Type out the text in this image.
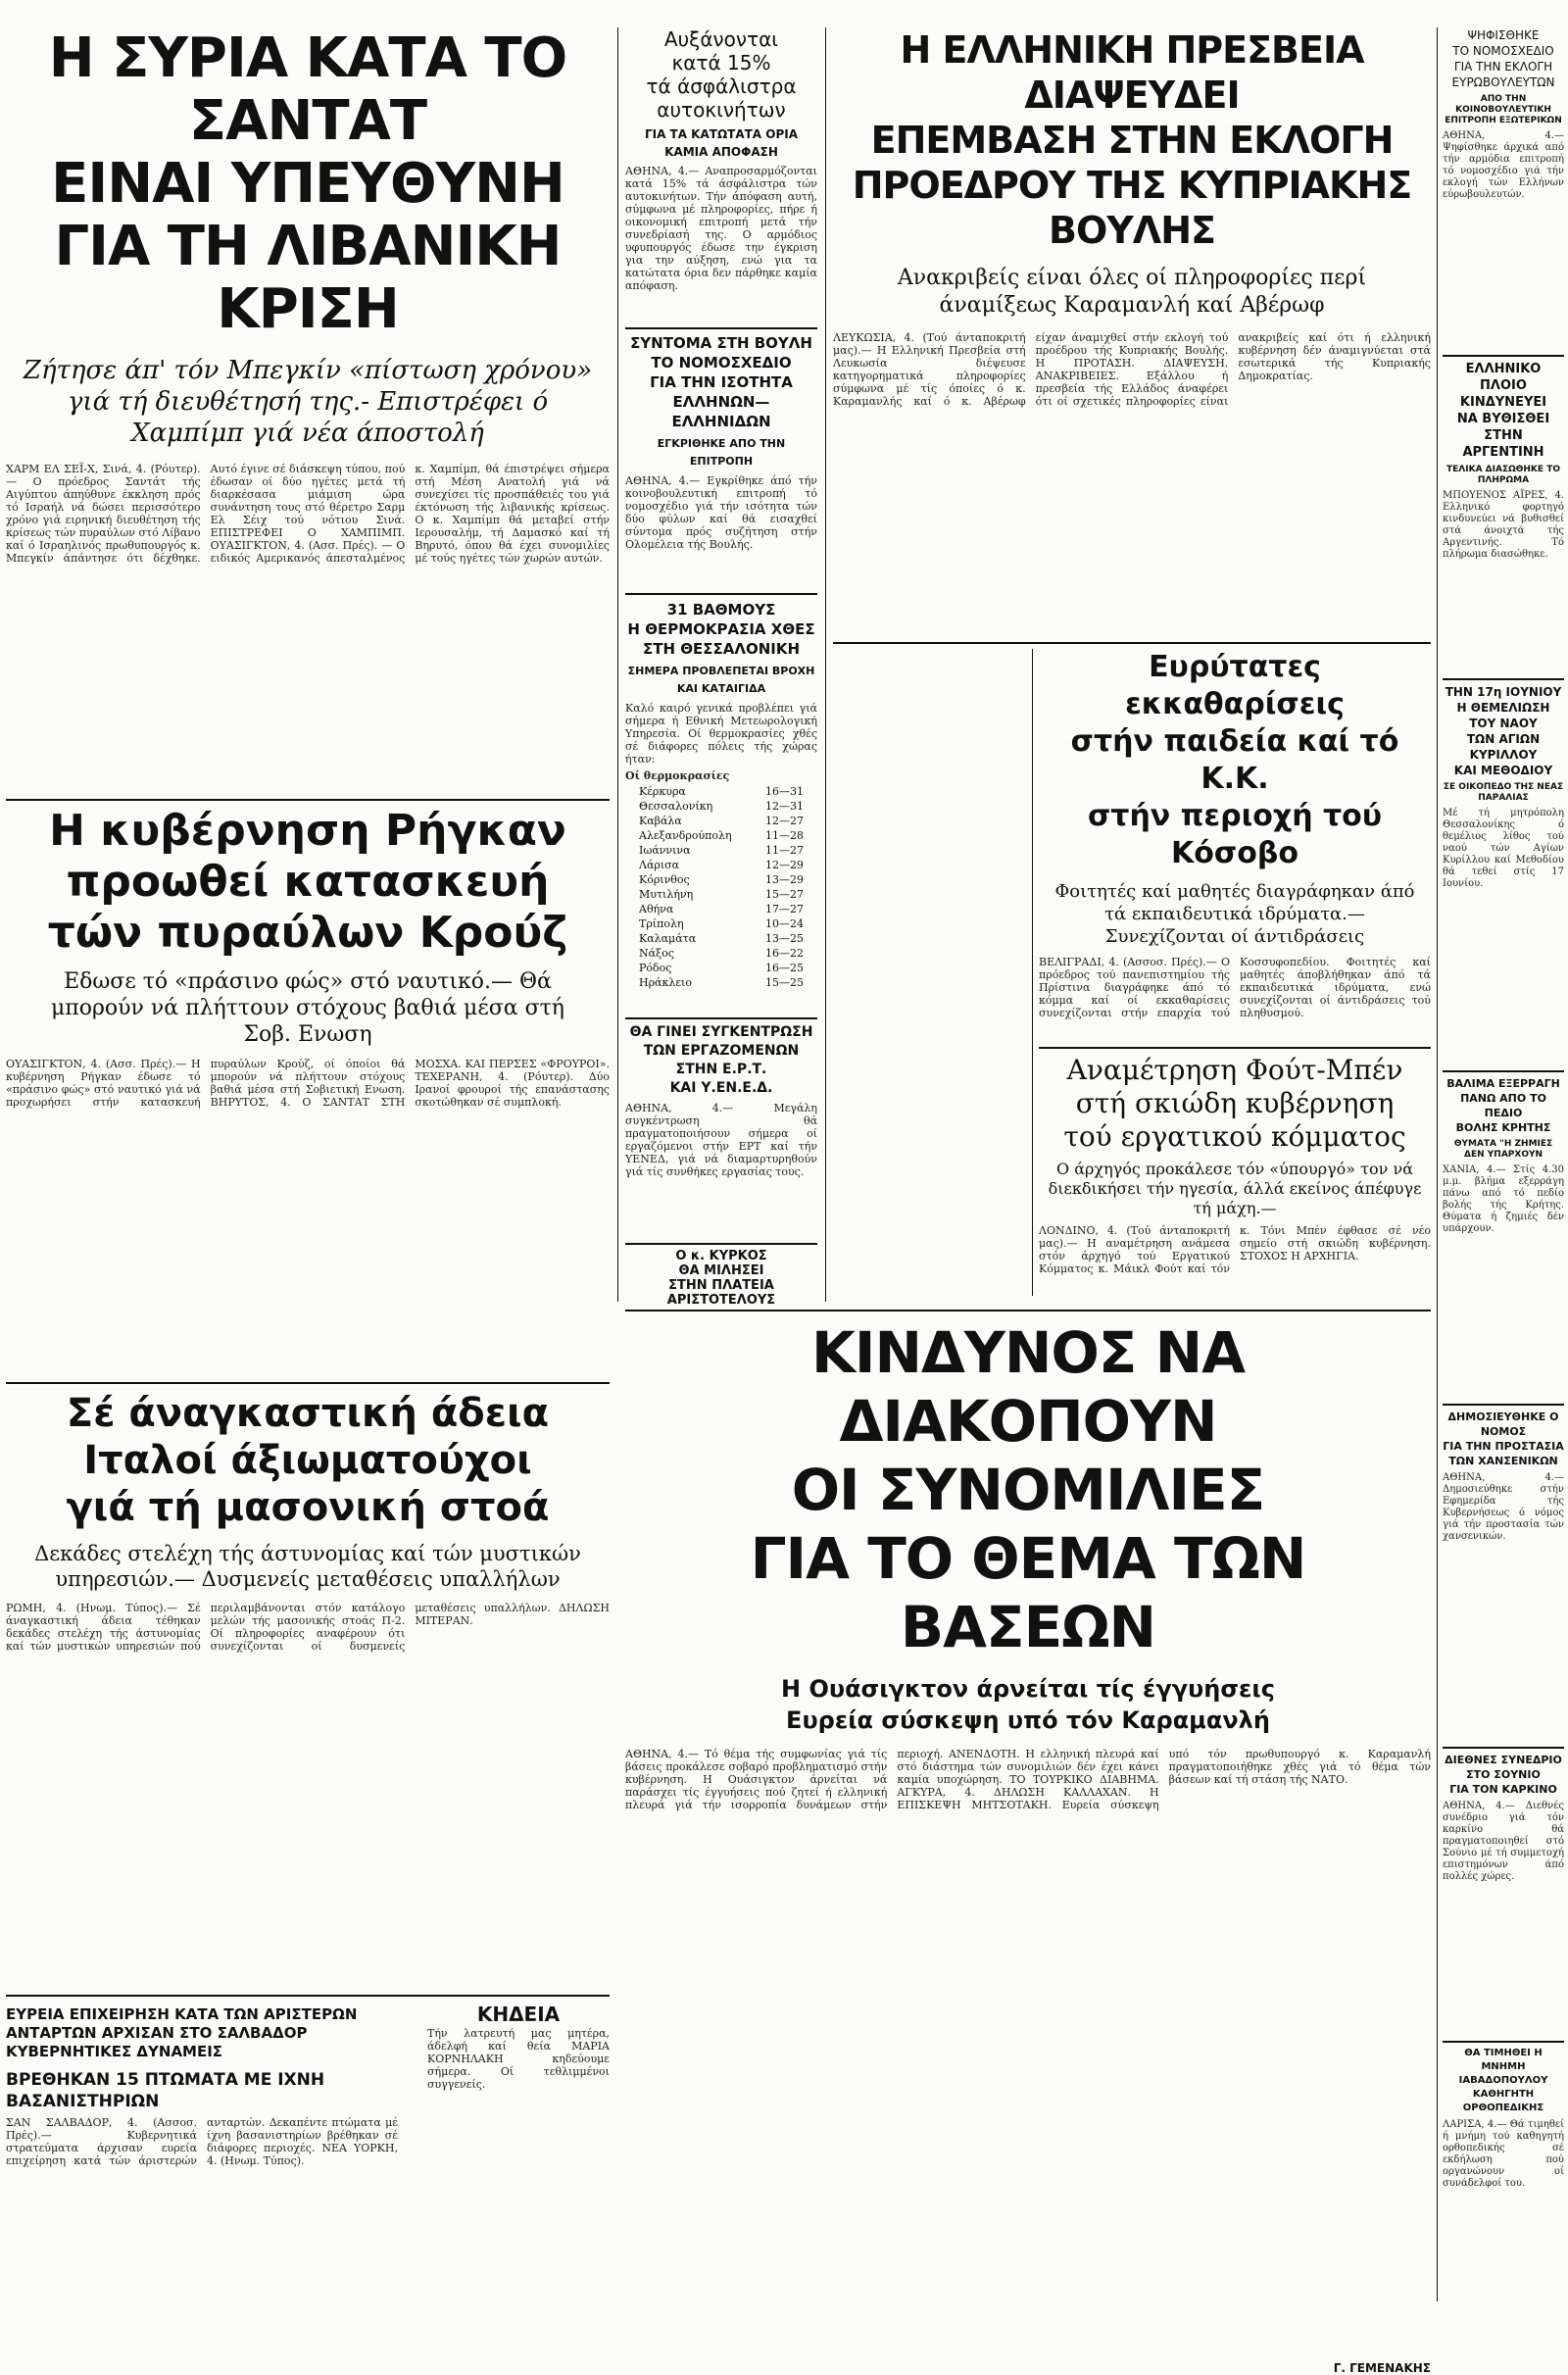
Η ΣΥΡΙΑ ΚΑΤΑ ΤΟ ΣΑΝΤΑΤ
ΕΙΝΑΙ ΥΠΕΥΘΥΝΗ
ΓΙΑ ΤΗ ΛΙΒΑΝΙΚΗ ΚΡΙΣΗ
Ζήτησε άπ' τόν Μπεγκίν «πίστωση χρόνου» γιά τή διευθέτησή της.- Επιστρέφει ό Χαμπίμπ γιά νέα άποστολή
ΧΑΡΜ ΕΛ ΣΕΪ-Χ, Σινά, 4. (Ρόυτερ).— Ο πρόεδρος Σαντάτ τής Αιγύπτου άπηύθυνε έκκληση πρός τό Ισραήλ νά δώσει περισσότερο χρόνο γιά ειρηνική διευθέτηση τής κρίσεως τών πυραύλων στό Λίβανο καί ό Ισραηλινός πρωθυπουργός κ. Μπεγκίν άπάντησε ότι δέχθηκε. Αυτό έγινε σέ διάσκεψη τύπου, πού έδωσαν οί δύο ηγέτες μετά τή διαρκέσασα μιάμιση ώρα συνάντηση τους στό θέρετρο Σαρμ Ελ Σέιχ τού νότιου Σινά. ΕΠΙΣΤΡΕΦΕΙ Ο ΧΑΜΠΙΜΠ. ΟΥΑΣΙΓΚΤΟΝ, 4. (Ασσ. Πρές). — Ο ειδικός Αμερικανός άπεσταλμένος κ. Χαμπίμπ, θά έπιστρέψει σήμερα στή Μέση Ανατολή γιά νά συνεχίσει τίς προσπάθειές του γιά έκτόνωση τής λιβανικής κρίσεως. Ο κ. Χαμπίμπ θά μεταβεί στήν Ιερουσαλήμ, τή Δαμασκό καί τή Βηρυτό, όπου θά έχει συνομιλίες μέ τούς ηγέτες τών χωρών αυτών.
Η κυβέρνηση Ρήγκαν
προωθεί κατασκευή
τών πυραύλων Κρούζ
Εδωσε τό «πράσινο φώς» στό ναυτικό.— Θά μπορούν νά πλήττουν στόχους βαθιά μέσα στή Σοβ. Ενωση
ΟΥΑΣΙΓΚΤΟΝ, 4. (Ασσ. Πρές).— Η κυβέρνηση Ρήγκαν έδωσε τό «πράσινο φώς» στό ναυτικό γιά νά προχωρήσει στήν κατασκευή πυραύλων Κρούζ, οί όποίοι θά μπορούν νά πλήττουν στόχους βαθιά μέσα στή Σοβιετική Ενωση. ΒΗΡΥΤΟΣ, 4. Ο ΣΑΝΤΑΤ ΣΤΗ ΜΟΣΧΑ. ΚΑΙ ΠΕΡΣΕΣ «ΦΡΟΥΡΟΙ». ΤΕΧΕΡΑΝΗ, 4. (Ρόυτερ). Δύο Ιρανοί φρουροί τής επανάστασης σκοτώθηκαν σέ συμπλοκή.
Σέ άναγκαστική άδεια
Ιταλοί άξιωματούχοι
γιά τή μασονική στοά
Δεκάδες στελέχη τής άστυνομίας καί τών μυστικών υπηρεσιών.— Δυσμενείς μεταθέσεις υπαλλήλων
ΡΩΜΗ, 4. (Ηνωμ. Τύπος).— Σέ άναγκαστική άδεια τέθηκαν δεκάδες στελέχη τής άστυνομίας καί τών μυστικών υπηρεσιών πού περιλαμβάνονται στόν κατάλογο μελών τής μασονικής στοάς Π-2. Οί πληροφορίες αναφέρουν ότι συνεχίζονται οί δυσμενείς μεταθέσεις υπαλλήλων. ΔΗΛΩΣΗ ΜΙΤΕΡΑΝ.
ΕΥΡΕΙΑ ΕΠΙΧΕΙΡΗΣΗ ΚΑΤΑ ΤΩΝ ΑΡΙΣΤΕΡΩΝ ΑΝΤΑΡΤΩΝ ΑΡΧΙΣΑΝ ΣΤΟ ΣΑΛΒΑΔΟΡ ΚΥΒΕΡΝΗΤΙΚΕΣ ΔΥΝΑΜΕΙΣ
ΒΡΕΘΗΚΑΝ 15 ΠΤΩΜΑΤΑ ΜΕ ΙΧΝΗ ΒΑΣΑΝΙΣΤΗΡΙΩΝ
ΣΑΝ ΣΑΛΒΑΔΟΡ, 4. (Ασσοσ. Πρές).— Κυβερνητικά στρατεύματα άρχισαν ευρεία επιχείρηση κατά τών άριστερών ανταρτών. Δεκαπέντε πτώματα μέ ίχνη βασανιστηρίων βρέθηκαν σέ διάφορες περιοχές. ΝΕΑ ΥΟΡΚΗ, 4. (Ηνωμ. Τύπος).
ΚΗΔΕΙΑ
Τήν λατρευτή μας μητέρα, άδελφή καί θεία ΜΑΡΙΑ ΚΟΡΝΗΛΑΚΗ κηδεύουμε σήμερα. Οί τεθλιμμένοι συγγενείς.
Αυξάνονται
κατά 15%
τά άσφάλιστρα
αυτοκινήτων
ΓΙΑ ΤΑ ΚΑΤΩΤΑΤΑ ΟΡΙΑ ΚΑΜΙΑ ΑΠΟΦΑΣΗ
ΑΘΗΝΑ, 4.— Αναπροσαρμόζονται κατά 15% τά άσφάλιστρα τών αυτοκινήτων. Τήν άπόφαση αυτή, σύμφωνα μέ πληροφορίες, πήρε ή οικονομική επιτροπή μετά τήν συνεδρίασή της. Ο αρμόδιος υφυπουργός έδωσε την έγκριση για την αύξηση, ενώ για τα κατώτατα όρια δεν πάρθηκε καμία απόφαση.
ΣΥΝΤΟΜΑ ΣΤΗ ΒΟΥΛΗ
ΤΟ ΝΟΜΟΣΧΕΔΙΟ
ΓΙΑ ΤΗΝ ΙΣΟΤΗΤΑ
ΕΛΛΗΝΩΝ—ΕΛΛΗΝΙΔΩΝ
ΕΓΚΡΙΘΗΚΕ ΑΠΟ ΤΗΝ ΕΠΙΤΡΟΠΗ
ΑΘΗΝΑ, 4.— Εγκρίθηκε άπό τήν κοινοβουλευτική επιτροπή τό νομοσχέδιο γιά τήν ισότητα τών δύο φύλων καί θά εισαχθεί σύντομα πρός συζήτηση στήν Ολομέλεια τής Βουλής.
31 ΒΑΘΜΟΥΣ
Η ΘΕΡΜΟΚΡΑΣΙΑ ΧΘΕΣ
ΣΤΗ ΘΕΣΣΑΛΟΝΙΚΗ
ΣΗΜΕΡΑ ΠΡΟΒΛΕΠΕΤΑΙ ΒΡΟΧΗ ΚΑΙ ΚΑΤΑΙΓΙΔΑ
Καλό καιρό γενικά προβλέπει γιά σήμερα ή Εθνική Μετεωρολογική Υπηρεσία. Οί θερμοκρασίες χθές σέ διάφορες πόλεις τής χώρας ήταν:
Οί θερμοκρασίες
Κέρκυρα	16—31
Θεσσαλονίκη	12—31
Καβάλα	12—27
Αλεξανδρούπολη	11—28
Ιωάννινα	11—27
Λάρισα	12—29
Κόρινθος	13—29
Μυτιλήνη	15—27
Αθήνα	17—27
Τρίπολη	10—24
Καλαμάτα	13—25
Νάξος	16—22
Ρόδος	16—25
Ηράκλειο	15—25
ΘΑ ΓΙΝΕΙ ΣΥΓΚΕΝΤΡΩΣΗ
ΤΩΝ ΕΡΓΑΖΟΜΕΝΩΝ
ΣΤΗΝ Ε.Ρ.Τ.
ΚΑΙ Υ.ΕΝ.Ε.Δ.
ΑΘΗΝΑ, 4.— Μεγάλη συγκέντρωση θά πραγματοποιήσουν σήμερα οί εργαζόμενοι στήν ΕΡΤ καί τήν ΥΕΝΕΔ, γιά νά διαμαρτυρηθούν γιά τίς συνθήκες εργασίας τους.
Ο κ. ΚΥΡΚΟΣ
ΘΑ ΜΙΛΗΣΕΙ
ΣΤΗΝ ΠΛΑΤΕΙΑ
ΑΡΙΣΤΟΤΕΛΟΥΣ
Η ΕΛΛΗΝΙΚΗ ΠΡΕΣΒΕΙΑ ΔΙΑΨΕΥΔΕΙ
ΕΠΕΜΒΑΣΗ ΣΤΗΝ ΕΚΛΟΓΗ
ΠΡΟΕΔΡΟΥ ΤΗΣ ΚΥΠΡΙΑΚΗΣ ΒΟΥΛΗΣ
Ανακριβείς είναι όλες οί πληροφορίες περί άναμίξεως Καραμανλή καί Αβέρωφ
ΛΕΥΚΩΣΙΑ, 4. (Τού άνταποκριτή μας).— Η Ελληνική Πρεσβεία στή Λευκωσία διέψευσε κατηγορηματικά πληροφορίες σύμφωνα μέ τίς όποίες ό κ. Καραμανλής καί ό κ. Αβέρωφ είχαν άναμιχθεί στήν εκλογή τού προέδρου τής Κυπριακής Βουλής. Η ΠΡΟΤΑΣΗ. ΔΙΑΨΕΥΣΗ. ΑΝΑΚΡΙΒΕΙΕΣ. Εξάλλου ή πρεσβεία τής Ελλάδος άναφέρει ότι οί σχετικές πληροφορίες είναι ανακριβείς καί ότι ή ελληνική κυβέρνηση δέν άναμιγνύεται στά εσωτερικά τής Κυπριακής Δημοκρατίας.
Ευρύτατες εκκαθαρίσεις
στήν παιδεία καί τό Κ.Κ.
στήν περιοχή τού Κόσοβο
Φοιτητές καί μαθητές διαγράφηκαν άπό τά εκπαιδευτικά ιδρύματα.— Συνεχίζονται οί άντιδράσεις
ΒΕΛΙΓΡΑΔΙ, 4. (Ασσοσ. Πρές).— Ο πρόεδρος τού πανεπιστημίου τής Πρίστινα διαγράφηκε άπό τό κόμμα καί οί εκκαθαρίσεις συνεχίζονται στήν επαρχία τού Κοσσυφοπεδίου. Φοιτητές καί μαθητές άποβλήθηκαν άπό τά εκπαιδευτικά ιδρύματα, ενώ συνεχίζονται οί άντιδράσεις τού πληθυσμού.
Αναμέτρηση Φούτ-Μπέν
στή σκιώδη κυβέρνηση
τού εργατικού κόμματος
Ο άρχηγός προκάλεσε τόν «ύπουργό» τον νά διεκδικήσει τήν ηγεσία, άλλά εκείνος άπέφυγε τή μάχη.—
ΛΟΝΔΙΝΟ, 4. (Τού άνταποκριτή μας).— Η αναμέτρηση ανάμεσα στόν άρχηγό τού Εργατικού Κόμματος κ. Μάικλ Φούτ καί τόν κ. Τόνι Μπέν έφθασε σέ νέο σημείο στή σκιώδη κυβέρνηση. ΣΤΟΧΟΣ Η ΑΡΧΗΓΙΑ.
ΚΙΝΔΥΝΟΣ ΝΑ ΔΙΑΚΟΠΟΥΝ
ΟΙ ΣΥΝΟΜΙΛΙΕΣ
ΓΙΑ ΤΟ ΘΕΜΑ ΤΩΝ ΒΑΣΕΩΝ
Η Ουάσιγκτον άρνείται τίς έγγυήσεις
Ευρεία σύσκεψη υπό τόν Καραμανλή
ΑΘΗΝΑ, 4.— Τό θέμα τής συμφωνίας γιά τίς βάσεις προκάλεσε σοβαρό προβληματισμό στήν κυβέρνηση. Η Ουάσιγκτον άρνείται νά παράσχει τίς έγγυήσεις πού ζητεί ή ελληνική πλευρά γιά τήν ισορροπία δυνάμεων στήν περιοχή. ΑΝΕΝΔΟΤΗ. Η ελληνική πλευρά καί στό διάστημα τών συνομιλιών δέν έχει κάνει καμία υποχώρηση. ΤΟ ΤΟΥΡΚΙΚΟ ΔΙΑΒΗΜΑ. ΑΓΚΥΡΑ, 4. ΔΗΛΩΣΗ ΚΑΛΛΑΧΑΝ. Η ΕΠΙΣΚΕΨΗ ΜΗΤΣΟΤΑΚΗ. Ευρεία σύσκεψη υπό τόν πρωθυπουργό κ. Καραμανλή πραγματοποιήθηκε χθές γιά τό θέμα τών βάσεων καί τή στάση τής ΝΑΤΟ.
Γ. ΓΕΜΕΝΑΚΗΣ
ΨΗΦΙΣΘΗΚΕ
ΤΟ ΝΟΜΟΣΧΕΔΙΟ
ΓΙΑ ΤΗΝ ΕΚΛΟΓΗ
ΕΥΡΩΒΟΥΛΕΥΤΩΝ
ΑΠΟ ΤΗΝ ΚΟΙΝΟΒΟΥΛΕΥΤΙΚΗ ΕΠΙΤΡΟΠΗ ΕΞΩΤΕΡΙΚΩΝ
ΑΘΗΝΑ, 4.— Ψηφίσθηκε άρχικά από τήν αρμόδια επιτροπή τό νομοσχέδιο γιά τήν εκλογή τών Ελλήνων εύρωβουλευτών.
ΕΛΛΗΝΙΚΟ ΠΛΟΙΟ
ΚΙΝΔΥΝΕΥΕΙ
ΝΑ ΒΥΘΙΣΘΕΙ
ΣΤΗΝ ΑΡΓΕΝΤΙΝΗ
ΤΕΛΙΚΑ ΔΙΑΣΩΘΗΚΕ ΤΟ ΠΛΗΡΩΜΑ
ΜΠΟΥΕΝΟΣ ΑΪΡΕΣ, 4. Ελληνικό φορτηγό κινδυνεύει νά βυθισθεί στά άνοιχτά τής Αργεντινής. Τό πλήρωμα διασώθηκε.
ΤΗΝ 17η ΙΟΥΝΙΟΥ
Η ΘΕΜΕΛΙΩΣΗ ΤΟΥ ΝΑΟΥ
ΤΩΝ ΑΓΙΩΝ ΚΥΡΙΛΛΟΥ
ΚΑΙ ΜΕΘΟΔΙΟΥ
ΣΕ ΟΙΚΟΠΕΔΟ ΤΗΣ ΝΕΑΣ ΠΑΡΑΛΙΑΣ
Μέ τή μητρόπολη Θεσσαλονίκης ό θεμέλιος λίθος τού ναού τών Αγίων Κυρίλλου καί Μεθοδίου θά τεθεί στίς 17 Ιουνίου.
ΒΑΛΙΜΑ ΕΞΕΡΡΑΓΗ
ΠΑΝΩ ΑΠΟ ΤΟ ΠΕΔΙΟ
ΒΟΛΗΣ ΚΡΗΤΗΣ
ΘΥΜΑΤΑ "Η ΖΗΜΙΕΣ ΔΕΝ ΥΠΑΡΧΟΥΝ
ΧΑΝΙΑ, 4.— Στίς 4.30 μ.μ. βλήμα εξερράγη πάνω από τό πεδίο βολής τής Κρήτης. Θύματα ή ζημιές δέν υπάρχουν.
ΔΗΜΟΣΙΕΥΘΗΚΕ Ο ΝΟΜΟΣ
ΓΙΑ ΤΗΝ ΠΡΟΣΤΑΣΙΑ
ΤΩΝ ΧΑΝΣΕΝΙΚΩΝ
ΑΘΗΝΑ, 4.— Δημοσιεύθηκε στήν Εφημερίδα τής Κυβερνήσεως ό νόμος γιά τήν προστασία τών χανσενικών.
ΔΙΕΘΝΕΣ ΣΥΝΕΔΡΙΟ
ΣΤΟ ΣΟΥΝΙΟ
ΓΙΑ ΤΟΝ ΚΑΡΚΙΝΟ
ΑΘΗΝΑ, 4.— Διεθνές συνέδριο γιά τόν καρκίνο θά πραγματοποιηθεί στό Σούνιο μέ τή συμμετοχή επιστημόνων άπό πολλές χώρες.
ΘΑ ΤΙΜΗΘΕΙ Η ΜΝΗΜΗ
ΙΑΒΑΔΟΠΟΥΛΟΥ
ΚΑΘΗΓΗΤΗ ΟΡΘΟΠΕΔΙΚΗΣ
ΛΑΡΙΣΑ, 4.— Θά τιμηθεί ή μνήμη τού καθηγητή ορθοπεδικής σέ εκδήλωση πού οργανώνουν οί συνάδελφοί του.
